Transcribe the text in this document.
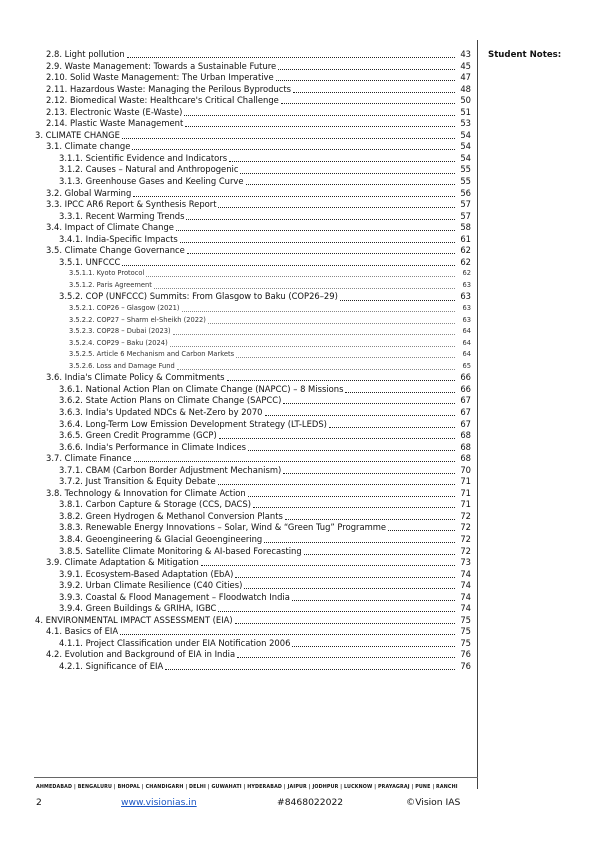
2.8. Light pollution	43
2.9. Waste Management: Towards a Sustainable Future	45
2.10. Solid Waste Management: The Urban Imperative	47
2.11. Hazardous Waste: Managing the Perilous Byproducts	48
2.12. Biomedical Waste: Healthcare's Critical Challenge	50
2.13. Electronic Waste (E-Waste)	51
2.14. Plastic Waste Management	53
3. CLIMATE CHANGE	54
3.1. Climate change	54
3.1.1. Scientific Evidence and Indicators	54
3.1.2. Causes – Natural and Anthropogenic	55
3.1.3. Greenhouse Gases and Keeling Curve	55
3.2. Global Warming	56
3.3. IPCC AR6 Report & Synthesis Report	57
3.3.1. Recent Warming Trends	57
3.4. Impact of Climate Change	58
3.4.1. India-Specific Impacts	61
3.5. Climate Change Governance	62
3.5.1. UNFCCC	62
3.5.1.1. Kyoto Protocol	62
3.5.1.2. Paris Agreement	63
3.5.2. COP (UNFCCC) Summits: From Glasgow to Baku (COP26–29)	63
3.5.2.1. COP26 – Glasgow (2021)	63
3.5.2.2. COP27 – Sharm el-Sheikh (2022)	63
3.5.2.3. COP28 – Dubai (2023)	64
3.5.2.4. COP29 – Baku (2024)	64
3.5.2.5. Article 6 Mechanism and Carbon Markets	64
3.5.2.6. Loss and Damage Fund	65
3.6. India's Climate Policy & Commitments	66
3.6.1. National Action Plan on Climate Change (NAPCC) – 8 Missions	66
3.6.2. State Action Plans on Climate Change (SAPCC)	67
3.6.3. India's Updated NDCs & Net-Zero by 2070	67
3.6.4. Long-Term Low Emission Development Strategy (LT-LEDS)	67
3.6.5. Green Credit Programme (GCP)	68
3.6.6. India's Performance in Climate Indices	68
3.7. Climate Finance	68
3.7.1. CBAM (Carbon Border Adjustment Mechanism)	70
3.7.2. Just Transition & Equity Debate	71
3.8. Technology & Innovation for Climate Action	71
3.8.1. Carbon Capture & Storage (CCS, DACS)	71
3.8.2. Green Hydrogen & Methanol Conversion Plants	72
3.8.3. Renewable Energy Innovations – Solar, Wind & “Green Tug” Programme	72
3.8.4. Geoengineering & Glacial Geoengineering	72
3.8.5. Satellite Climate Monitoring & AI-based Forecasting	72
3.9. Climate Adaptation & Mitigation	73
3.9.1. Ecosystem-Based Adaptation (EbA)	74
3.9.2. Urban Climate Resilience (C40 Cities)	74
3.9.3. Coastal & Flood Management – Floodwatch India	74
3.9.4. Green Buildings & GRIHA, IGBC	74
4. ENVIRONMENTAL IMPACT ASSESSMENT (EIA)	75
4.1. Basics of EIA	75
4.1.1. Project Classification under EIA Notification 2006	75
4.2. Evolution and Background of EIA in India	76
4.2.1. Significance of EIA	76
Student Notes:
AHMEDABAD | BENGALURU | BHOPAL | CHANDIGARH | DELHI | GUWAHATI | HYDERABAD | JAIPUR | JODHPUR | LUCKNOW | PRAYAGRAJ | PUNE | RANCHI
2	www.visionias.in	#8468022022	©Vision IAS
